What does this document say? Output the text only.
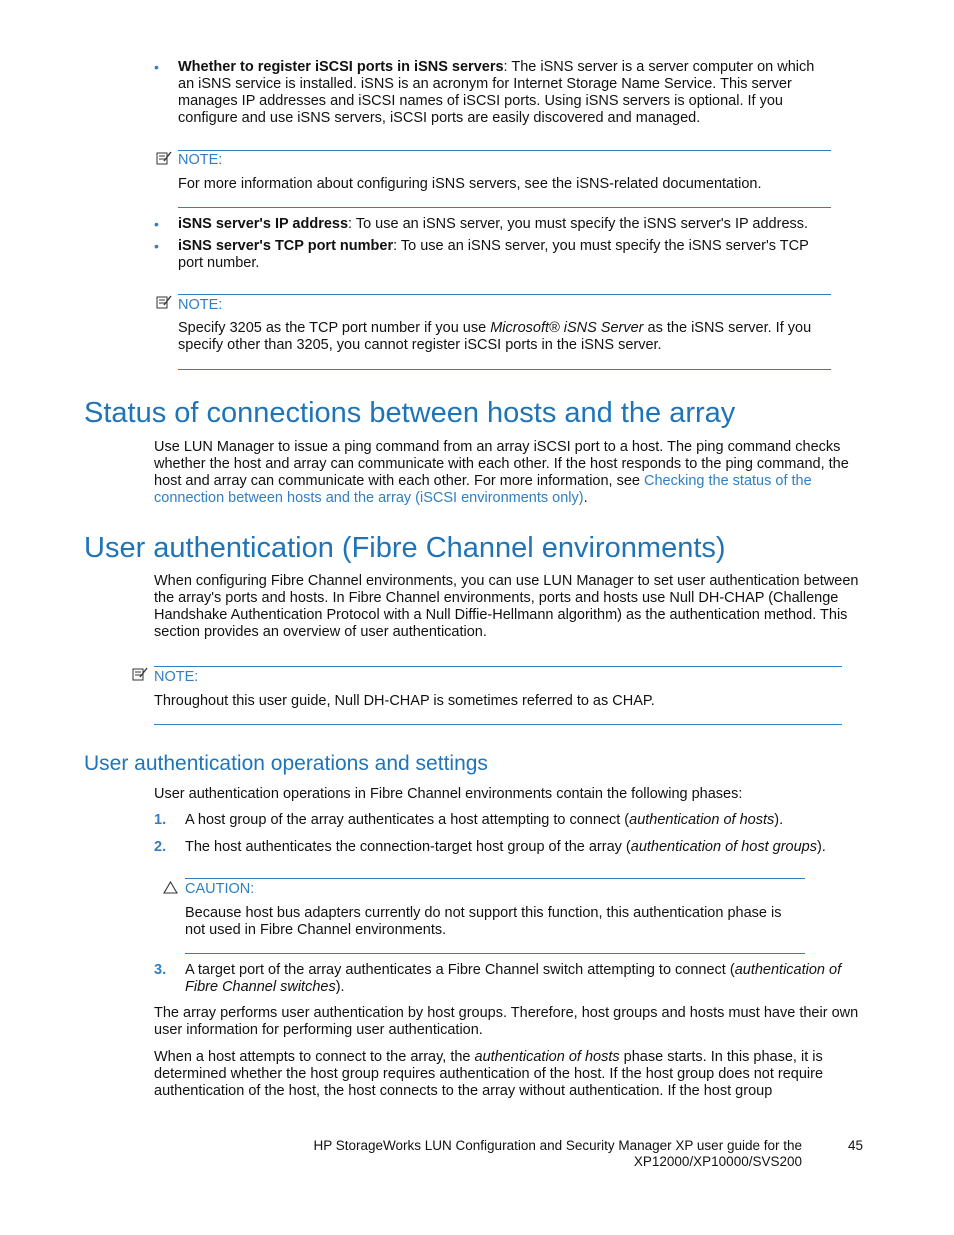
• Whether to register iSCSI ports in iSNS servers: The iSNS server is a server computer on which an iSNS service is installed. iSNS is an acronym for Internet Storage Name Service. This server manages IP addresses and iSCSI names of iSCSI ports. Using iSNS servers is optional. If you configure and use iSNS servers, iSCSI ports are easily discovered and managed.
NOTE:
For more information about configuring iSNS servers, see the iSNS-related documentation.
• iSNS server's IP address: To use an iSNS server, you must specify the iSNS server's IP address.
• iSNS server's TCP port number: To use an iSNS server, you must specify the iSNS server's TCP port number.
NOTE:
Specify 3205 as the TCP port number if you use Microsoft® iSNS Server as the iSNS server. If you specify other than 3205, you cannot register iSCSI ports in the iSNS server.
Status of connections between hosts and the array
Use LUN Manager to issue a ping command from an array iSCSI port to a host. The ping command checks whether the host and array can communicate with each other. If the host responds to the ping command, the host and array can communicate with each other. For more information, see Checking the status of the connection between hosts and the array (iSCSI environments only).
User authentication (Fibre Channel environments)
When configuring Fibre Channel environments, you can use LUN Manager to set user authentication between the array's ports and hosts. In Fibre Channel environments, ports and hosts use Null DH-CHAP (Challenge Handshake Authentication Protocol with a Null Diffie-Hellmann algorithm) as the authentication method. This section provides an overview of user authentication.
NOTE:
Throughout this user guide, Null DH-CHAP is sometimes referred to as CHAP.
User authentication operations and settings
User authentication operations in Fibre Channel environments contain the following phases:
1. A host group of the array authenticates a host attempting to connect (authentication of hosts).
2. The host authenticates the connection-target host group of the array (authentication of host groups).
CAUTION:
Because host bus adapters currently do not support this function, this authentication phase is not used in Fibre Channel environments.
3. A target port of the array authenticates a Fibre Channel switch attempting to connect (authentication of Fibre Channel switches).
The array performs user authentication by host groups. Therefore, host groups and hosts must have their own user information for performing user authentication.
When a host attempts to connect to the array, the authentication of hosts phase starts. In this phase, it is determined whether the host group requires authentication of the host. If the host group does not require authentication of the host, the host connects to the array without authentication. If the host group
HP StorageWorks LUN Configuration and Security Manager XP user guide for the
XP12000/XP10000/SVS200
45
